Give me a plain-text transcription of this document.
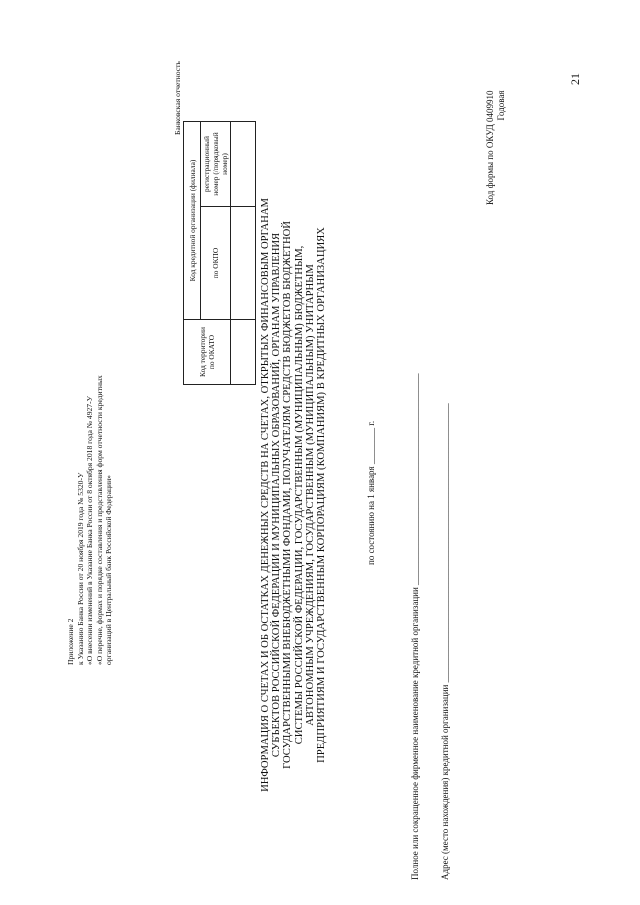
Приложение 2 к Указанию Банка России от 20 ноября 2019 года № 5320-У «О внесении изменений в Указание Банка России от 8 октября 2018 года № 4927-У «О перечне, формах и порядке составления и представления форм отчетности кредитных организаций в Центральный банк Российской Федерации»
Банковская отчетность
Код территории по ОКАТО	Код кредитной организации (филиала)	
	по ОКПО	регистрационный номер (/порядковый номер)

ИНФОРМАЦИЯ О СЧЕТАХ И ОБ ОСТАТКАХ ДЕНЕЖНЫХ СРЕДСТВ НА СЧЕТАХ, ОТКРЫТЫХ ФИНАНСОВЫМ ОРГАНАМ СУБЪЕКТОВ РОССИЙСКОЙ ФЕДЕРАЦИИ И МУНИЦИПАЛЬНЫХ ОБРАЗОВАНИЙ, ОРГАНАМ УПРАВЛЕНИЯ ГОСУДАРСТВЕННЫМИ ВНЕБЮДЖЕТНЫМИ ФОНДАМИ, ПОЛУЧАТЕЛЯМ СРЕДСТВ БЮДЖЕТОВ БЮДЖЕТНОЙ СИСТЕМЫ РОССИЙСКОЙ ФЕДЕРАЦИИ, ГОСУДАРСТВЕННЫМ (МУНИЦИПАЛЬНЫМ) БЮДЖЕТНЫМ, АВТОНОМНЫМ УЧРЕЖДЕНИЯМ, ГОСУДАРСТВЕННЫМ (МУНИЦИПАЛЬНЫМ) УНИТАРНЫМ ПРЕДПРИЯТИЯМ И ГОСУДАРСТВЕННЫМ КОРПОРАЦИЯМ (КОМПАНИЯМ) В КРЕДИТНЫХ ОРГАНИЗАЦИЯХ	по состоянию на 1 января ________ г.	Полное или сокращенное фирменное наименование кредитной организации _______________________________________________ Адрес (место нахождения) кредитной организации ______________________________________________________________
Код формы по ОКУД 0409910 Годовая
21
